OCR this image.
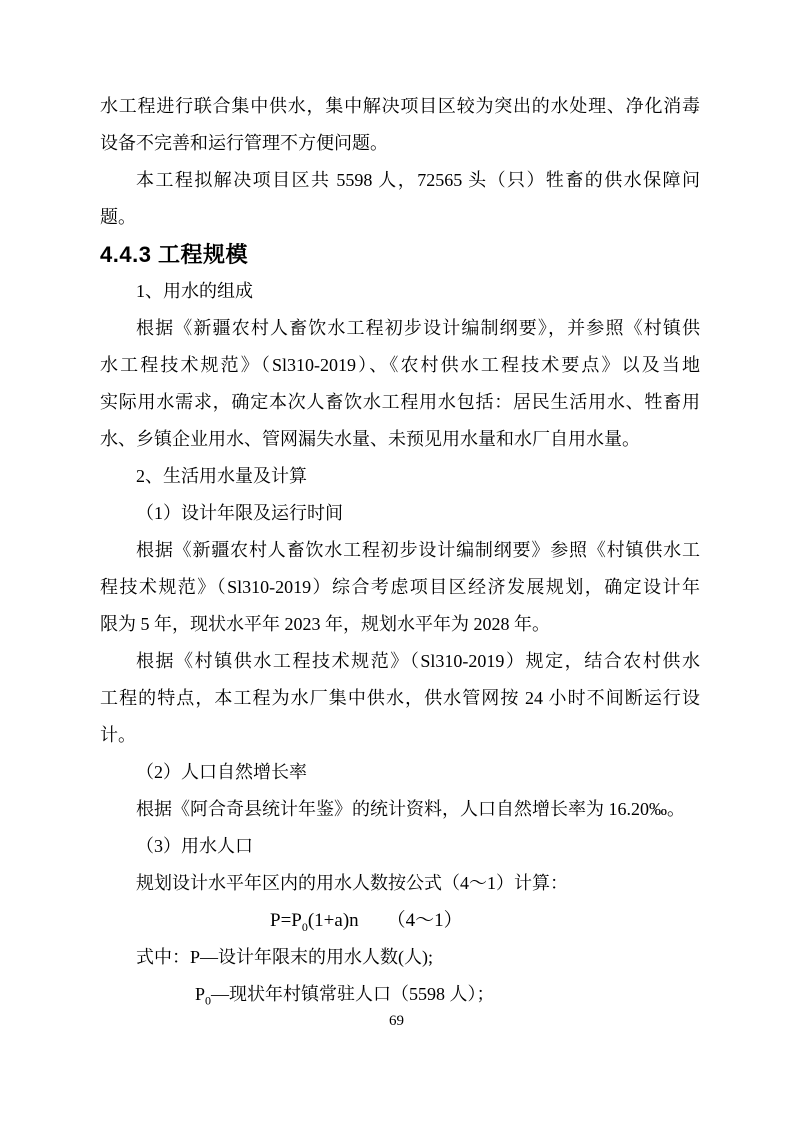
水工程进行联合集中供水，集中解决项目区较为突出的水处理、净化消毒
设备不完善和运行管理不方便问题。
本工程拟解决项目区共 5598 人，72565 头（只）牲畜的供水保障问
题。
4.4.3 工程规模
1、用水的组成
根据《新疆农村人畜饮水工程初步设计编制纲要》，并参照《村镇供
水工程技术规范》（Sl310-2019）、《农村供水工程技术要点》以及当地
实际用水需求，确定本次人畜饮水工程用水包括：居民生活用水、牲畜用
水、乡镇企业用水、管网漏失水量、未预见用水量和水厂自用水量。
2、生活用水量及计算
（1）设计年限及运行时间
根据《新疆农村人畜饮水工程初步设计编制纲要》参照《村镇供水工
程技术规范》（Sl310-2019）综合考虑项目区经济发展规划，确定设计年
限为 5 年，现状水平年 2023 年，规划水平年为 2028 年。
根据《村镇供水工程技术规范》（Sl310-2019）规定，结合农村供水
工程的特点，本工程为水厂集中供水，供水管网按 24 小时不间断运行设
计。
（2）人口自然增长率
根据《阿合奇县统计年鉴》的统计资料，人口自然增长率为 16.20‰。
（3）用水人口
规划设计水平年区内的用水人数按公式（4～1）计算：
$P=P_0(1+a)n$ （4～1）
式中：P—设计年限末的用水人数(人);
$P_0—$现状年村镇常驻人口（5598 人）；
69
